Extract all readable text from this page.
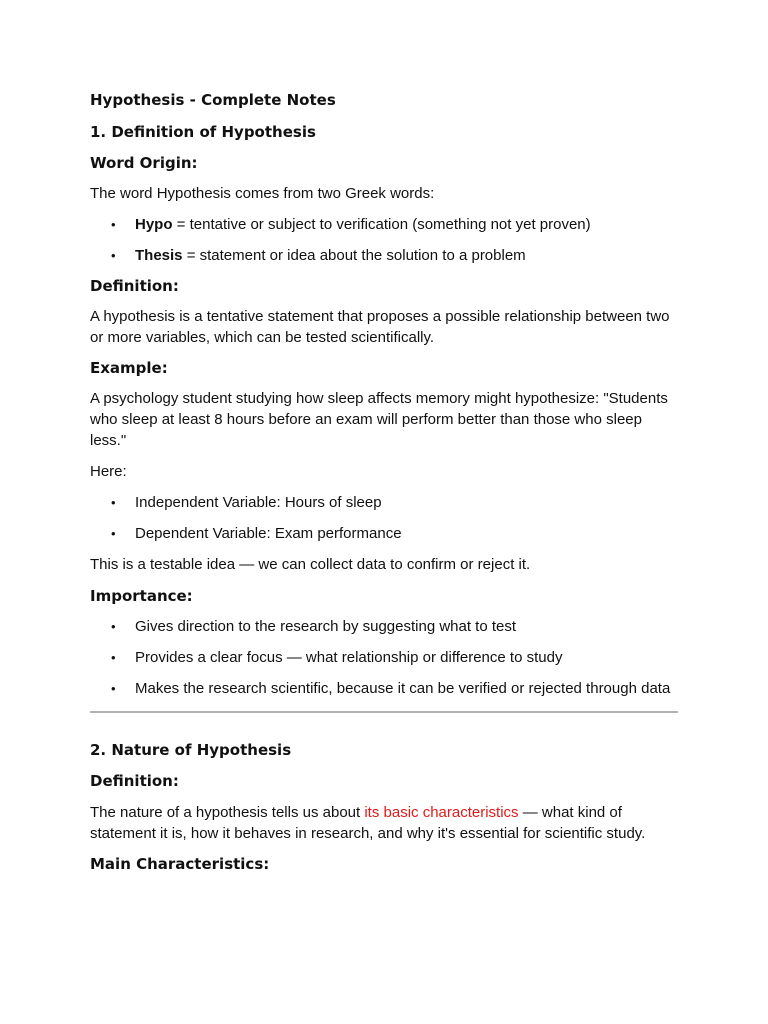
Hypothesis - Complete Notes
1. Definition of Hypothesis
Word Origin:

The word Hypothesis comes from two Greek words:

• Hypo = tentative or subject to verification (something not yet proven)
• Thesis = statement or idea about the solution to a problem
Definition:

A hypothesis is a tentative statement that proposes a possible relationship between two or more variables, which can be tested scientifically.

Example:

A psychology student studying how sleep affects memory might hypothesize: "Students who sleep at least 8 hours before an exam will perform better than those who sleep less."

Here:

• Independent Variable: Hours of sleep
• Dependent Variable: Exam performance

This is a testable idea — we can collect data to confirm or reject it.

Importance:
• Gives direction to the research by suggesting what to test
• Provides a clear focus — what relationship or difference to study
• Makes the research scientific, because it can be verified or rejected through data
2. Nature of Hypothesis
Definition:

The nature of a hypothesis tells us about its basic characteristics — what kind of statement it is, how it behaves in research, and why it's essential for scientific study.

Main Characteristics:
